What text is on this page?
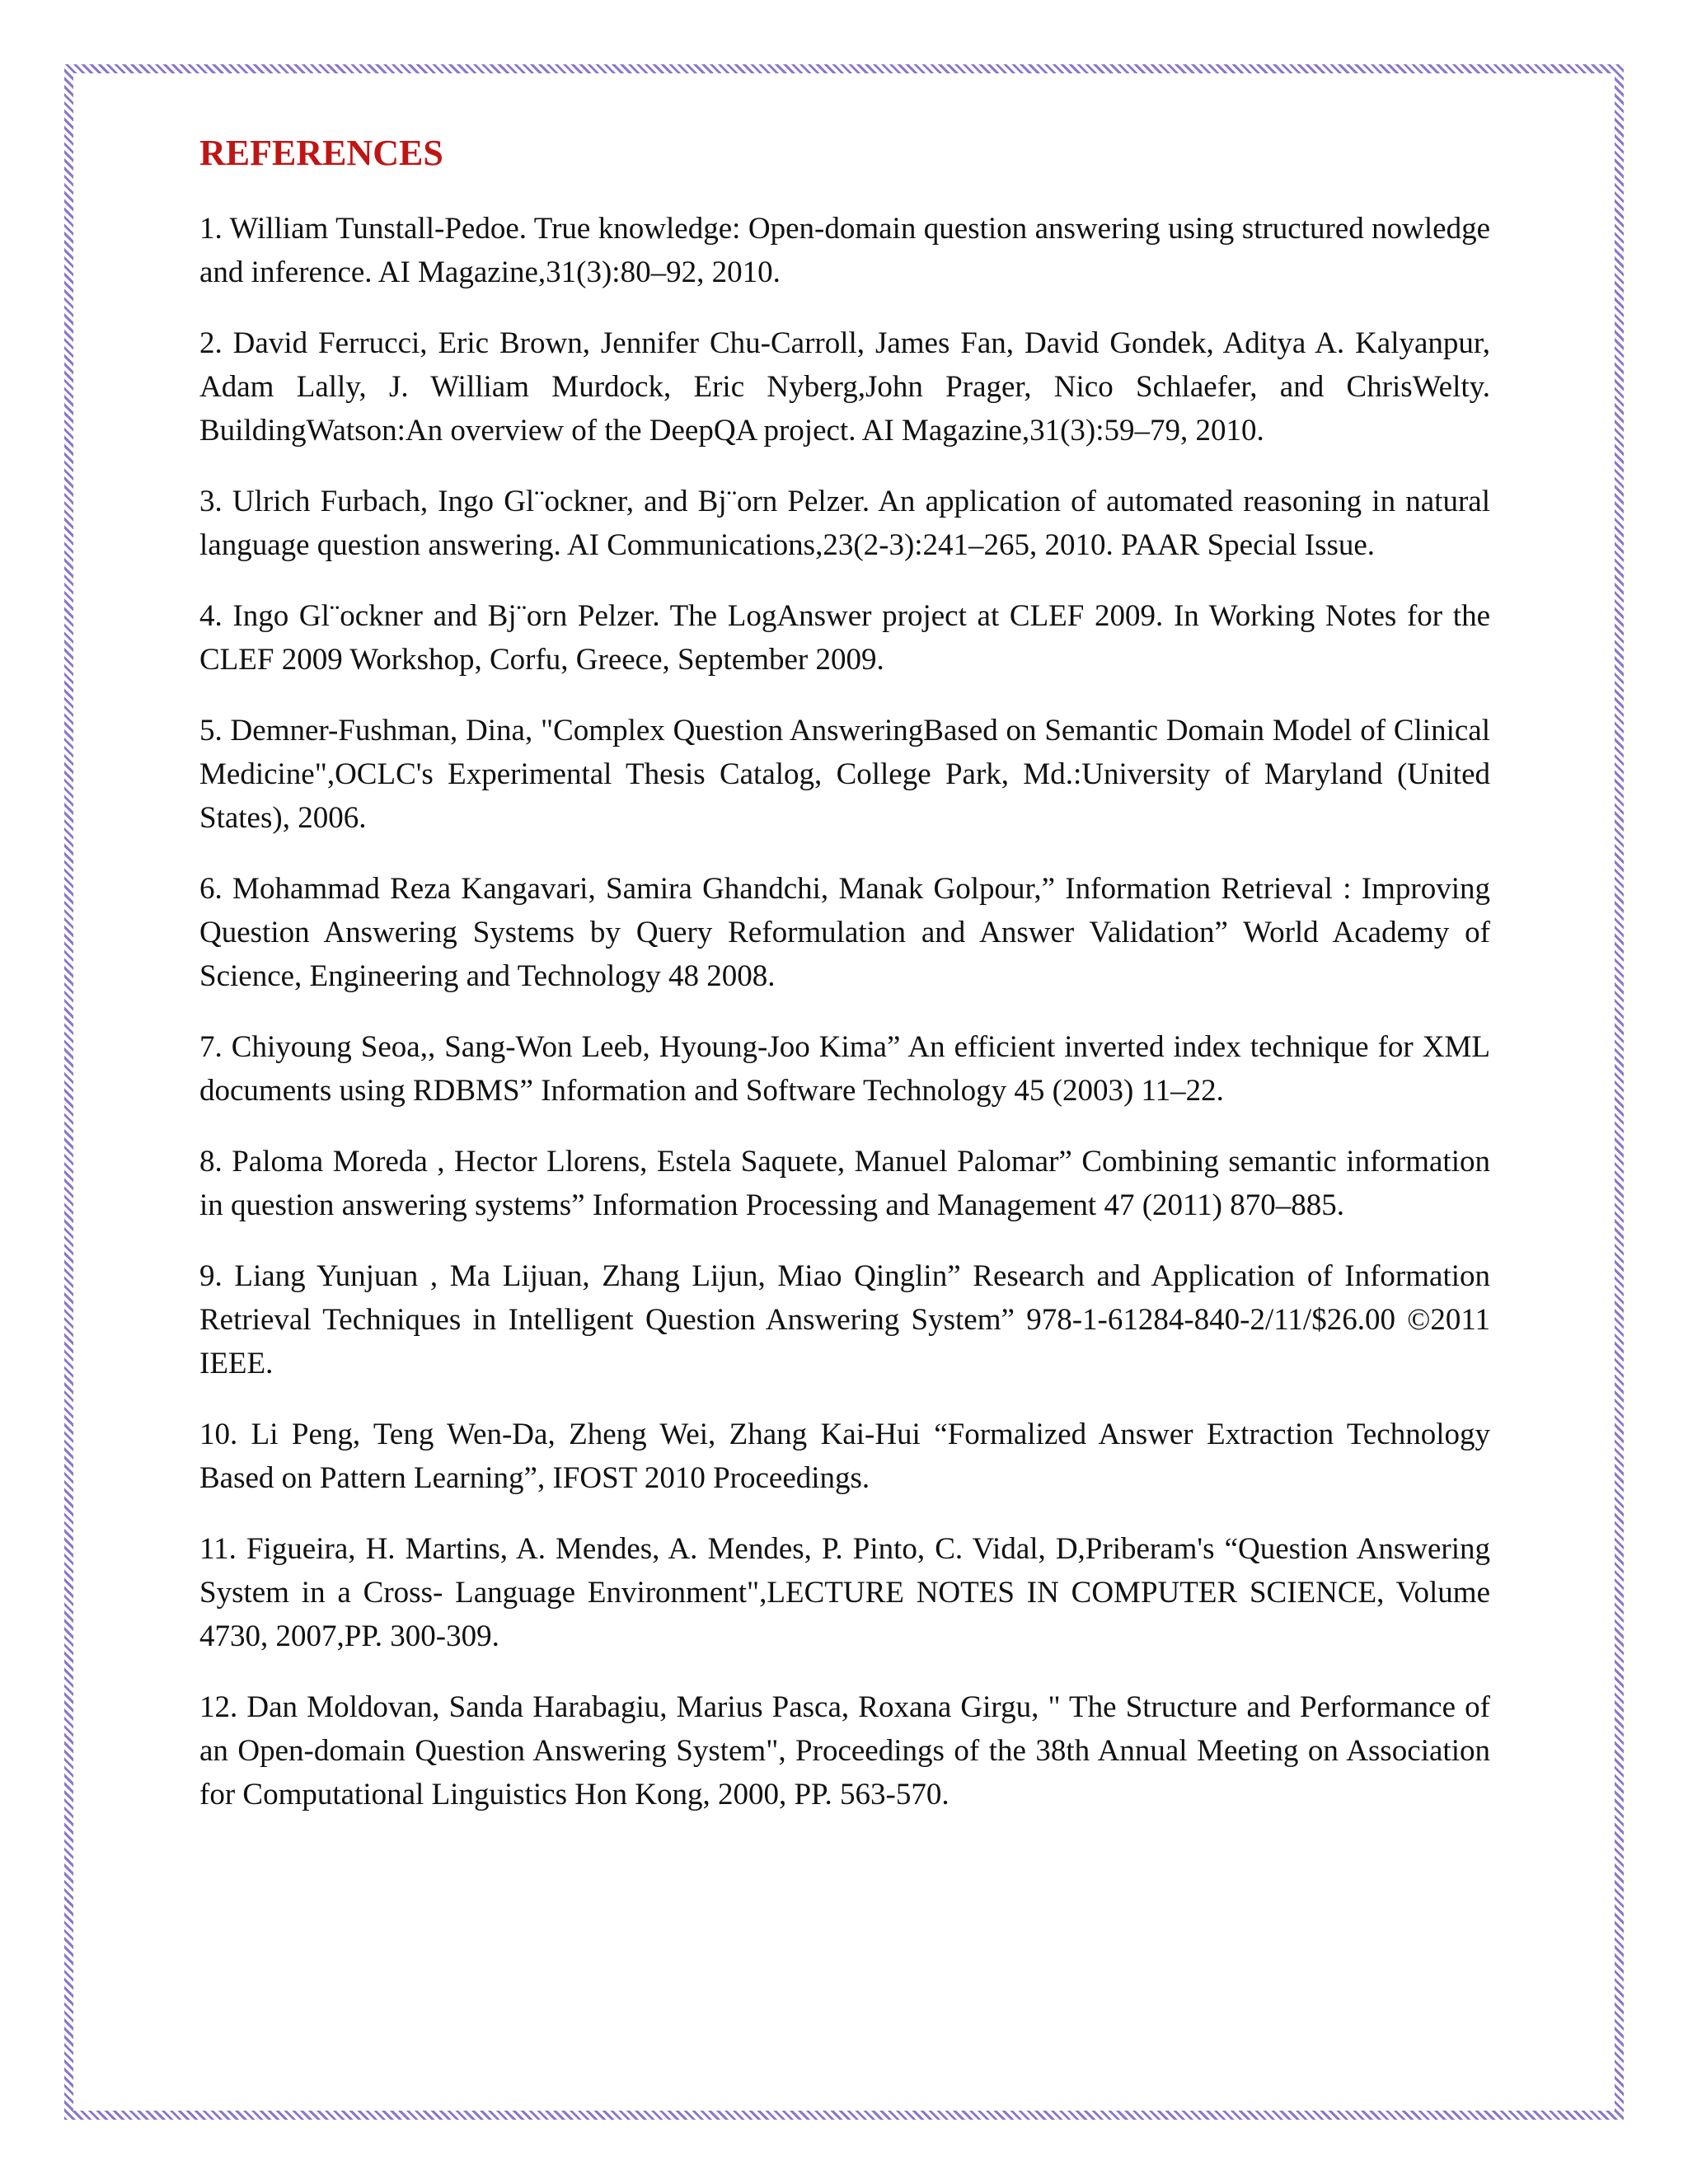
REFERENCES

1. William Tunstall-Pedoe. True knowledge: Open-domain question answering using structured nowledge and inference. AI Magazine,31(3):80–92, 2010.

2. David Ferrucci, Eric Brown, Jennifer Chu-Carroll, James Fan, David Gondek, Aditya A. Kalyanpur, Adam Lally, J. William Murdock, Eric Nyberg,John Prager, Nico Schlaefer, and ChrisWelty. BuildingWatson:An overview of the DeepQA project. AI Magazine,31(3):59–79, 2010.

3. Ulrich Furbach, Ingo Gl¨ockner, and Bj¨orn Pelzer. An application of automated reasoning in natural language question answering. AI Communications,23(2-3):241–265, 2010. PAAR Special Issue.

4. Ingo Gl¨ockner and Bj¨orn Pelzer. The LogAnswer project at CLEF 2009. In Working Notes for the CLEF 2009 Workshop, Corfu, Greece, September 2009.

5. Demner-Fushman, Dina, "Complex Question AnsweringBased on Semantic Domain Model of Clinical Medicine",OCLC's Experimental Thesis Catalog, College Park, Md.:University of Maryland (United States), 2006.

6. Mohammad Reza Kangavari, Samira Ghandchi, Manak Golpour,” Information Retrieval : Improving Question Answering Systems by Query Reformulation and Answer Validation” World Academy of Science, Engineering and Technology 48 2008.

7. Chiyoung Seoa,, Sang-Won Leeb, Hyoung-Joo Kima” An efficient inverted index technique for XML documents using RDBMS” Information and Software Technology 45 (2003) 11–22.

8. Paloma Moreda , Hector Llorens, Estela Saquete, Manuel Palomar” Combining semantic information in question answering systems” Information Processing and Management 47 (2011) 870–885.

9. Liang Yunjuan , Ma Lijuan, Zhang Lijun, Miao Qinglin” Research and Application of Information Retrieval Techniques in Intelligent Question Answering System” 978-1-61284-840-2/11/$26.00 ©2011 IEEE.

10. Li Peng, Teng Wen-Da, Zheng Wei, Zhang Kai-Hui “Formalized Answer Extraction Technology Based on Pattern Learning”, IFOST 2010 Proceedings.

11. Figueira, H. Martins, A. Mendes, A. Mendes, P. Pinto, C. Vidal, D,Priberam's “Question Answering System in a Cross- Language Environment",LECTURE NOTES IN COMPUTER SCIENCE, Volume 4730, 2007,PP. 300-309.

12. Dan Moldovan, Sanda Harabagiu, Marius Pasca, Roxana Girgu, " The Structure and Performance of an Open-domain Question Answering System", Proceedings of the 38th Annual Meeting on Association for Computational Linguistics Hon Kong, 2000, PP. 563-570.
